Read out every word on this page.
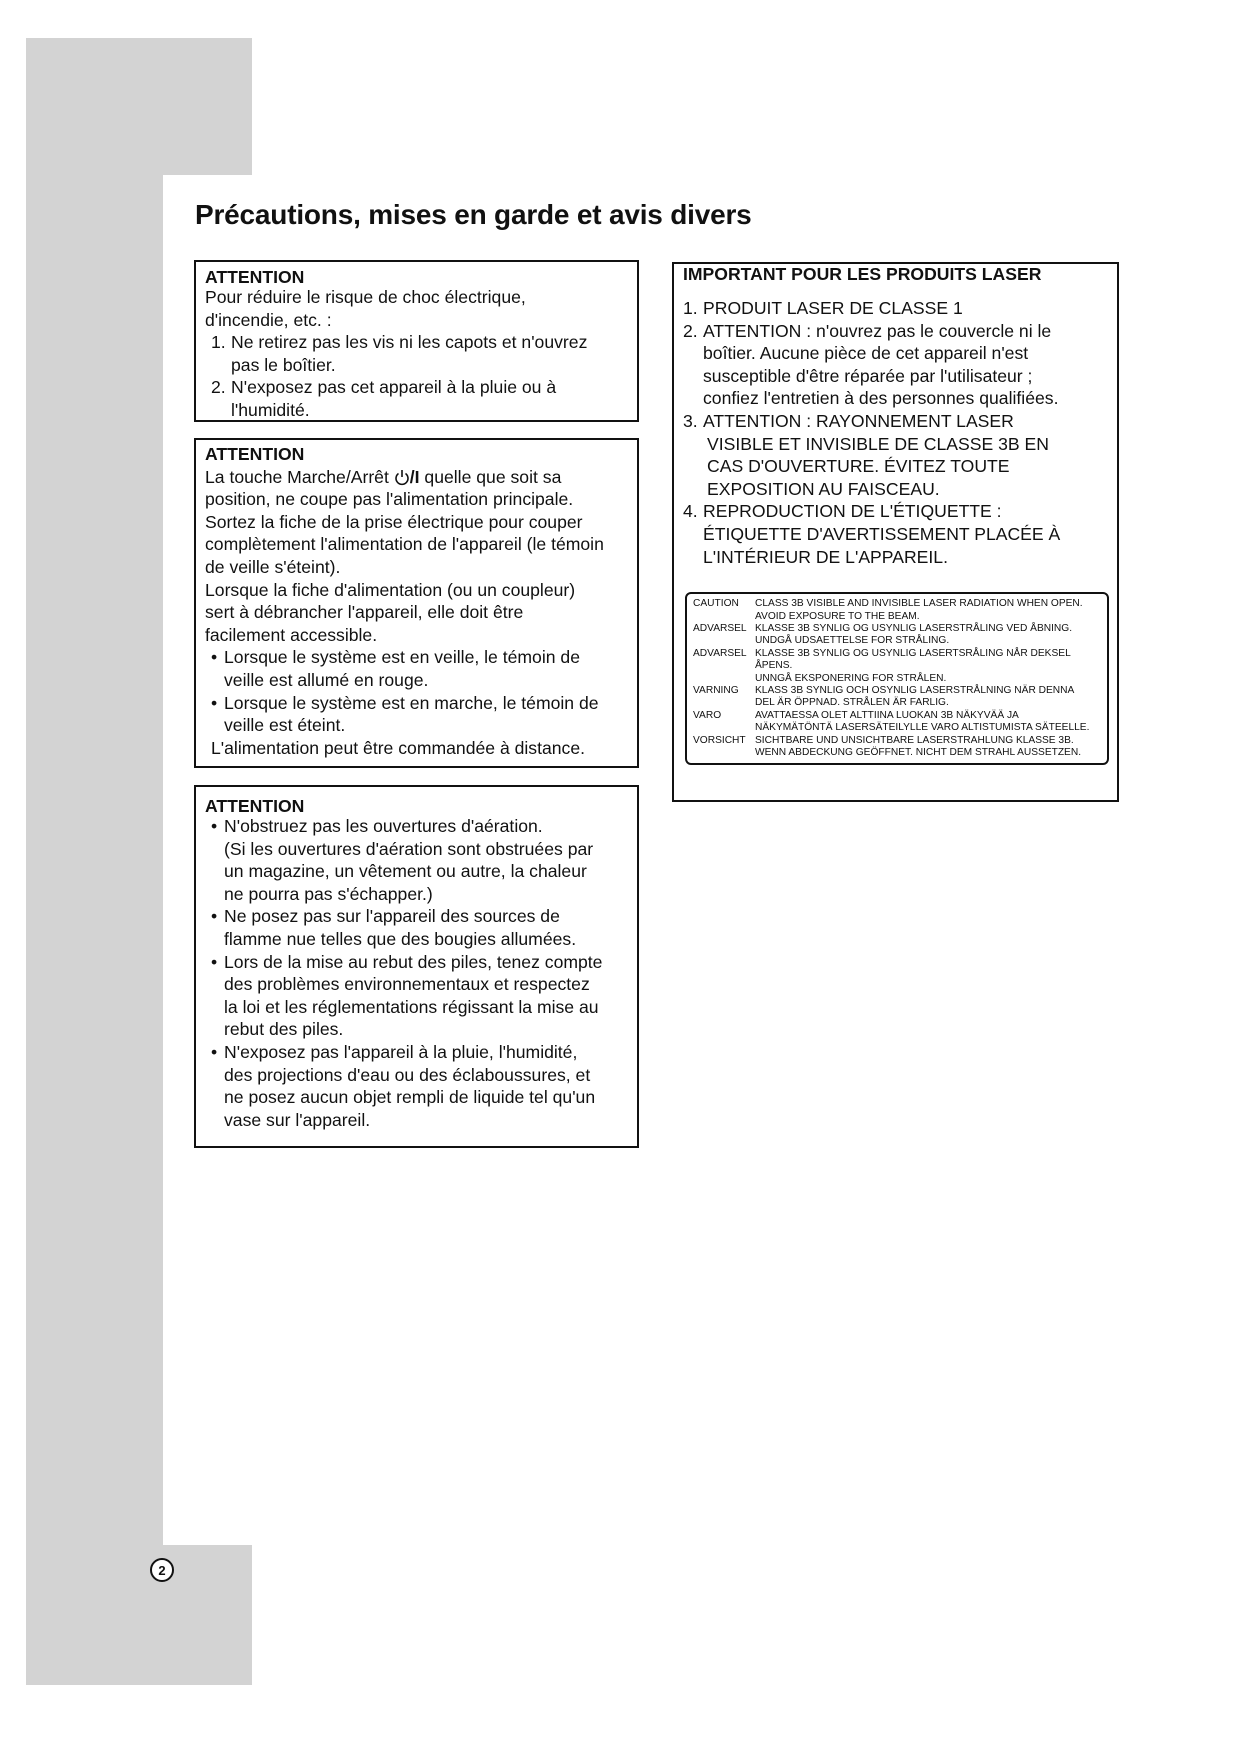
Précautions, mises en garde et avis divers
ATTENTION
Pour réduire le risque de choc électrique,
d'incendie, etc. :
1. Ne retirez pas les vis ni les capots et n'ouvrez
pas le boîtier.
2. N'exposez pas cet appareil à la pluie ou à
l'humidité.
ATTENTION
La touche Marche/Arrêt /I quelle que soit sa
position, ne coupe pas l'alimentation principale.
Sortez la fiche de la prise électrique pour couper
complètement l'alimentation de l'appareil (le témoin
de veille s'éteint).
Lorsque la fiche d'alimentation (ou un coupleur)
sert à débrancher l'appareil, elle doit être
facilement accessible.
• Lorsque le système est en veille, le témoin de
veille est allumé en rouge.
• Lorsque le système est en marche, le témoin de
veille est éteint.
L'alimentation peut être commandée à distance.
ATTENTION
• N'obstruez pas les ouvertures d'aération.
(Si les ouvertures d'aération sont obstruées par
un magazine, un vêtement ou autre, la chaleur
ne pourra pas s'échapper.)
• Ne posez pas sur l'appareil des sources de
flamme nue telles que des bougies allumées.
• Lors de la mise au rebut des piles, tenez compte
des problèmes environnementaux et respectez
la loi et les réglementations régissant la mise au
rebut des piles.
• N'exposez pas l'appareil à la pluie, l'humidité,
des projections d'eau ou des éclaboussures, et
ne posez aucun objet rempli de liquide tel qu'un
vase sur l'appareil.
IMPORTANT POUR LES PRODUITS LASER
1. PRODUIT LASER DE CLASSE 1
2. ATTENTION : n'ouvrez pas le couvercle ni le
boîtier. Aucune pièce de cet appareil n'est
susceptible d'être réparée par l'utilisateur ;
confiez l'entretien à des personnes qualifiées.
3. ATTENTION : RAYONNEMENT LASER
VISIBLE ET INVISIBLE DE CLASSE 3B EN
CAS D'OUVERTURE. ÉVITEZ TOUTE
EXPOSITION AU FAISCEAU.
4. REPRODUCTION DE L'ÉTIQUETTE :
ÉTIQUETTE D'AVERTISSEMENT PLACÉE À
L'INTÉRIEUR DE L'APPAREIL.
CAUTION	CLASS 3B VISIBLE AND INVISIBLE LASER RADIATION WHEN OPEN.
AVOID EXPOSURE TO THE BEAM.
ADVARSEL KLASSE 3B SYNLIG OG USYNLIG LASERSTRÅLING VED ÅBNING.
UNDGÅ UDSAETTELSE FOR STRÅLING.
ADVARSEL KLASSE 3B SYNLIG OG USYNLIG LASERTSRÅLING NÅR DEKSEL
ÅPENS.
UNNGÅ EKSPONERING FOR STRÅLEN.
VARNING	KLASS 3B SYNLIG OCH OSYNLIG LASERSTRÅLNING NÄR DENNA
DEL ÄR ÖPPNAD. STRÅLEN ÄR FARLIG.
VARO	AVATTAESSA OLET ALTTIINA LUOKAN 3B NÄKYVÄÄ JA
NÄKYMÄTÖNTÄ LASERSÄTEILYLLE VARO ALTISTUMISTA SÄTEELLE.
VORSICHT SICHTBARE UND UNSICHTBARE LASERSTRAHLUNG KLASSE 3B.
WENN ABDECKUNG GEÖFFNET. NICHT DEM STRAHL AUSSETZEN.
2
